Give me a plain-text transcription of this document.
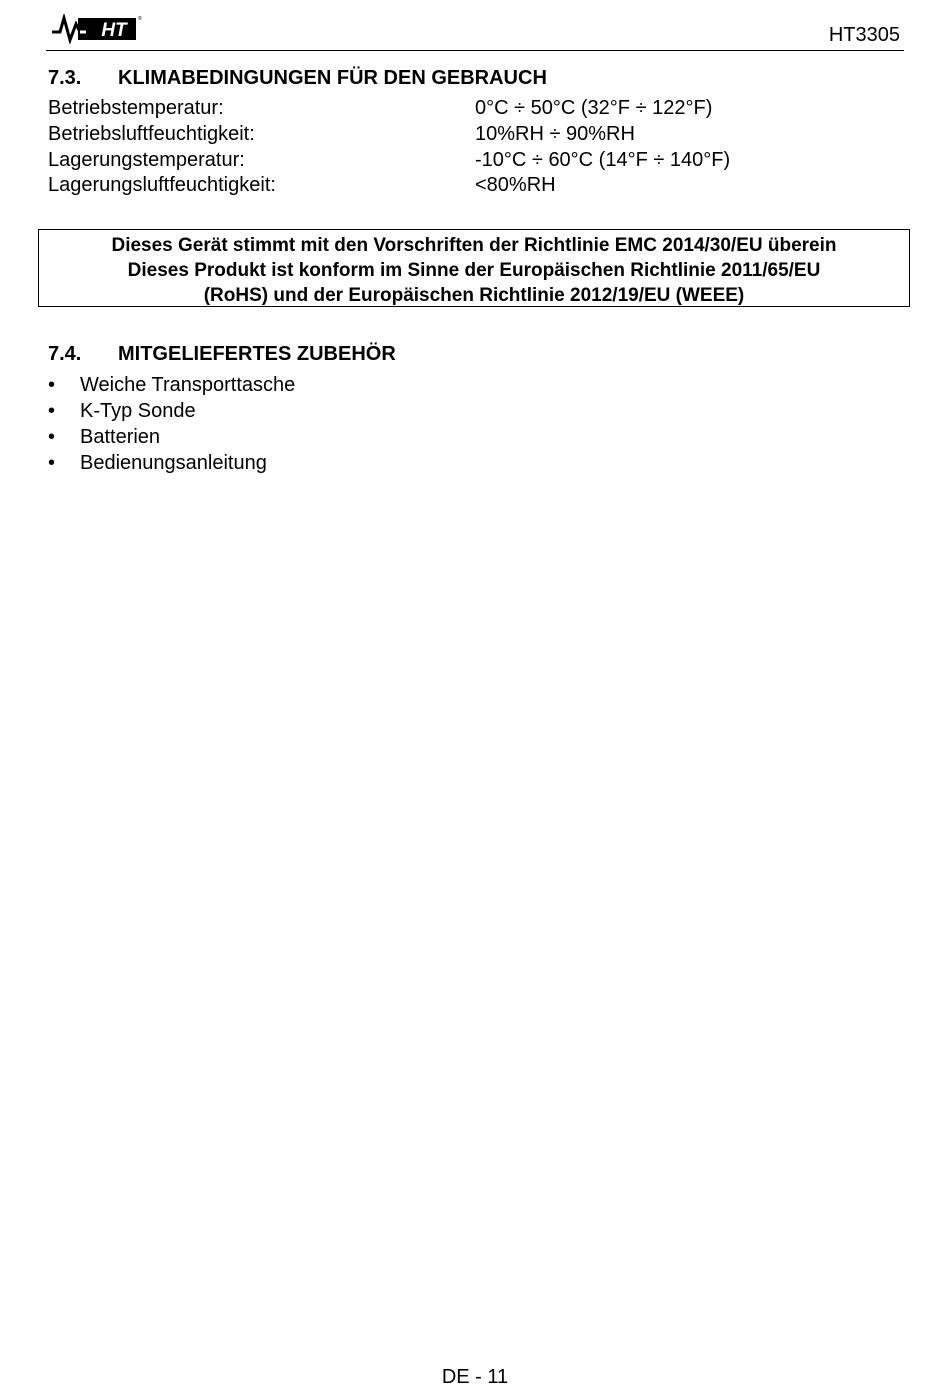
HT
®
HT3305
7.3. KLIMABEDINGUNGEN FÜR DEN GEBRAUCH
Betriebstemperatur:	0°C ÷ 50°C (32°F ÷ 122°F)
Betriebsluftfeuchtigkeit:	10%RH ÷ 90%RH
Lagerungstemperatur:	-10°C ÷ 60°C (14°F ÷ 140°F)
Lagerungsluftfeuchtigkeit:	<80%RH
Dieses Gerät stimmt mit den Vorschriften der Richtlinie EMC 2014/30/EU überein
Dieses Produkt ist konform im Sinne der Europäischen Richtlinie 2011/65/EU
(RoHS) und der Europäischen Richtlinie 2012/19/EU (WEEE)
7.4. MITGELIEFERTES ZUBEHÖR
• Weiche Transporttasche
• K-Typ Sonde
• Batterien
• Bedienungsanleitung
DE - 11
